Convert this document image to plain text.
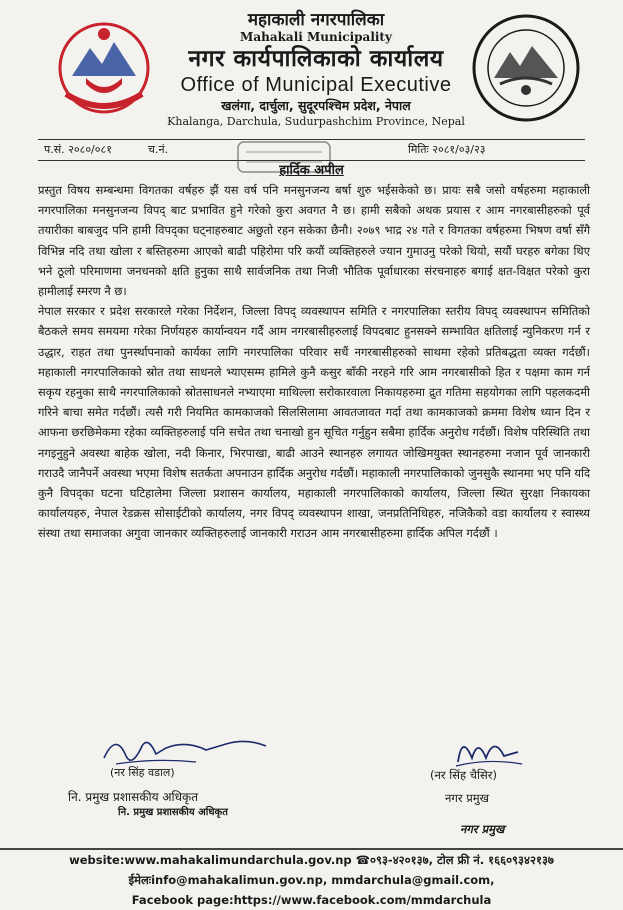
महाकाली नगरपालिका
Mahakali Municipality
नगर कार्यपालिकाको कार्यालय
Office of Municipal Executive
खलंगा, दार्चुला, सुदूरपश्चिम प्रदेश, नेपाल
Khalanga, Darchula, Sudurpashchim Province, Nepal
प.सं. २०८०/०८१	च.नं.	मितिः २०८१/०३/२३
हार्दिक अपील

प्रस्तुत विषय सम्बन्धमा विगतका वर्षहरु झैं यस वर्ष पनि मनसुनजन्य बर्षा शुरु भईसकेको छ। प्रायः सबै जसो वर्षहरुमा महाकाली नगरपालिका मनसुनजन्य विपद् बाट प्रभावित हुने गरेको कुरा अवगत नै छ। हामी सबैको अथक प्रयास र आम नगरबासीहरुको पूर्व तयारीका बाबजुद पनि हामी विपद्का घट्नाहरुबाट अछुतो रहन सकेका छैनौ। २०७९ भाद्र २४ गते र विगतका वर्षहरुमा भिषण वर्षा सँगै विभिन्न नदि तथा खोला र बस्तिहरुमा आएको बाढी पहिरोमा परि कयौं व्यक्तिहरुले ज्यान गुमाउनु परेको थियो, सयौं घरहरु बगेका थिए भने ठूलो परिमाणमा जनधनको क्षति हुनुका साथै सार्वजनिक तथा निजी भौतिक पूर्वाधारका संरचनाहरु बगाई क्षत-विक्षत परेको कुरा हामीलाई स्मरण नै छ।

नेपाल सरकार र प्रदेश सरकारले गरेका निर्देशन, जिल्ला विपद् व्यवस्थापन समिति र नगरपालिका स्तरीय विपद् व्यवस्थापन समितिको बैठकले समय समयमा गरेका निर्णयहरु कार्यान्वयन गर्दै आम नगरबासीहरुलाई विपदबाट हुनसक्ने सम्भावित क्षतिलाई न्युनिकरण गर्न र उद्धार, राहत तथा पुनर्स्थापनाको कार्यका लागि नगरपालिका परिवार सधैं नगरबासीहरुको साथमा रहेको प्रतिबद्धता व्यक्त गर्दछौं। महाकाली नगरपालिकाको स्रोत तथा साधनले भ्याएसम्म हामिले कुनै कसुर बाँकी नरहने गरि आम नगरबासीको हित र पक्षमा काम गर्न सकृय रहनुका साथै नगरपालिकाको स्रोतसाधनले नभ्याएमा माथिल्ला सरोकारवाला निकायहरुमा द्रुत गतिमा सहयोगका लागि पहलकदमी गरिने बाचा समेत गर्दछौं। त्यसै गरी नियमित कामकाजको सिलसिलामा आवतजावत गर्दा तथा कामकाजको क्रममा विशेष ध्यान दिन र आफना छरछिमेकमा रहेका व्यक्तिहरुलाई पनि सचेत तथा चनाखो हुन सूचित गर्नुहुन सबैमा हार्दिक अनुरोध गर्दछौं। विशेष परिस्थिति तथा नगइनुहुने अवस्था बाहेक खोला, नदी किनार, भिरपाखा, बाढी आउने स्थानहरु लगायत जोखिमयुक्त स्थानहरुमा नजान पूर्व जानकारी गराउदै जानैपर्ने अवस्था भएमा विशेष सतर्कता अपनाउन हार्दिक अनुरोध गर्दछौं। महाकाली नगरपालिकाको जुनसुकै स्थानमा भए पनि यदि कुनै विपद्का घटना घटिहालेमा जिल्ला प्रशासन कार्यालय, महाकाली नगरपालिकाको कार्यालय, जिल्ला स्थित सुरक्षा निकायका कार्यालयहरु, नेपाल रेडक्रस सोसाईटीको कार्यालय, नगर विपद् व्यवस्थापन शाखा, जनप्रतिनिधिहरु, नजिकैको वडा कार्यालय र स्वास्थ्य संस्था तथा समाजका अगुवा जानकार व्यक्तिहरुलाई जानकारी गराउन आम नगरबासीहरुमा हार्दिक अपिल गर्दछौं ।

(नर सिंह वडाल)
नि. प्रमुख प्रशासकीय अधिकृत
नि. प्रमुख प्रशासकीय अधिकृत
(नर सिंह चैसिर)
नगर प्रमुख
नगर प्रमुख
website:www.mahakalimundarchula.gov.np ☎०९३-४२०१३७, टोल फ्री नं. १६६०९३४२१३७
ईमेलःinfo@mahakalimun.gov.np, mmdarchula@gmail.com,
Facebook page:https://www.facebook.com/mmdarchula
